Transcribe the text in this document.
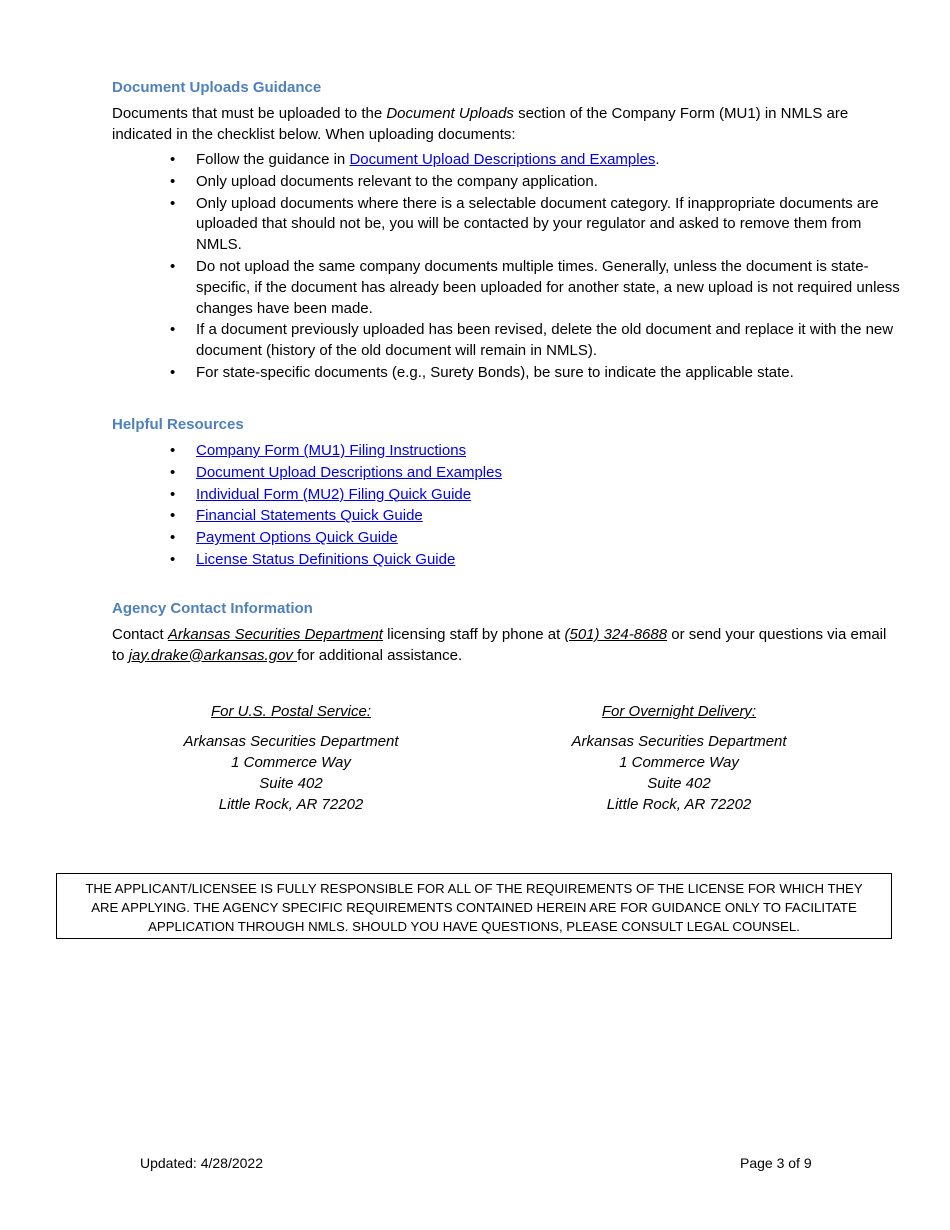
Document Uploads Guidance
Documents that must be uploaded to the Document Uploads section of the Company Form (MU1) in NMLS are indicated in the checklist below. When uploading documents:
• Follow the guidance in Document Upload Descriptions and Examples.
• Only upload documents relevant to the company application.
• Only upload documents where there is a selectable document category. If inappropriate documents are uploaded that should not be, you will be contacted by your regulator and asked to remove them from NMLS.
• Do not upload the same company documents multiple times. Generally, unless the document is state-specific, if the document has already been uploaded for another state, a new upload is not required unless changes have been made.
• If a document previously uploaded has been revised, delete the old document and replace it with the new document (history of the old document will remain in NMLS).
• For state-specific documents (e.g., Surety Bonds), be sure to indicate the applicable state.
Helpful Resources
• Company Form (MU1) Filing Instructions
• Document Upload Descriptions and Examples
• Individual Form (MU2) Filing Quick Guide
• Financial Statements Quick Guide
• Payment Options Quick Guide
• License Status Definitions Quick Guide
Agency Contact Information
Contact Arkansas Securities Department licensing staff by phone at (501) 324-8688 or send your questions via email to jay.drake@arkansas.gov for additional assistance.
For U.S. Postal Service:
Arkansas Securities Department
1 Commerce Way
Suite 402
Little Rock, AR 72202
For Overnight Delivery:
Arkansas Securities Department
1 Commerce Way
Suite 402
Little Rock, AR 72202
THE APPLICANT/LICENSEE IS FULLY RESPONSIBLE FOR ALL OF THE REQUIREMENTS OF THE LICENSE FOR WHICH THEY ARE APPLYING. THE AGENCY SPECIFIC REQUIREMENTS CONTAINED HEREIN ARE FOR GUIDANCE ONLY TO FACILITATE APPLICATION THROUGH NMLS. SHOULD YOU HAVE QUESTIONS, PLEASE CONSULT LEGAL COUNSEL.
Updated: 4/28/2022	Page 3 of 9
